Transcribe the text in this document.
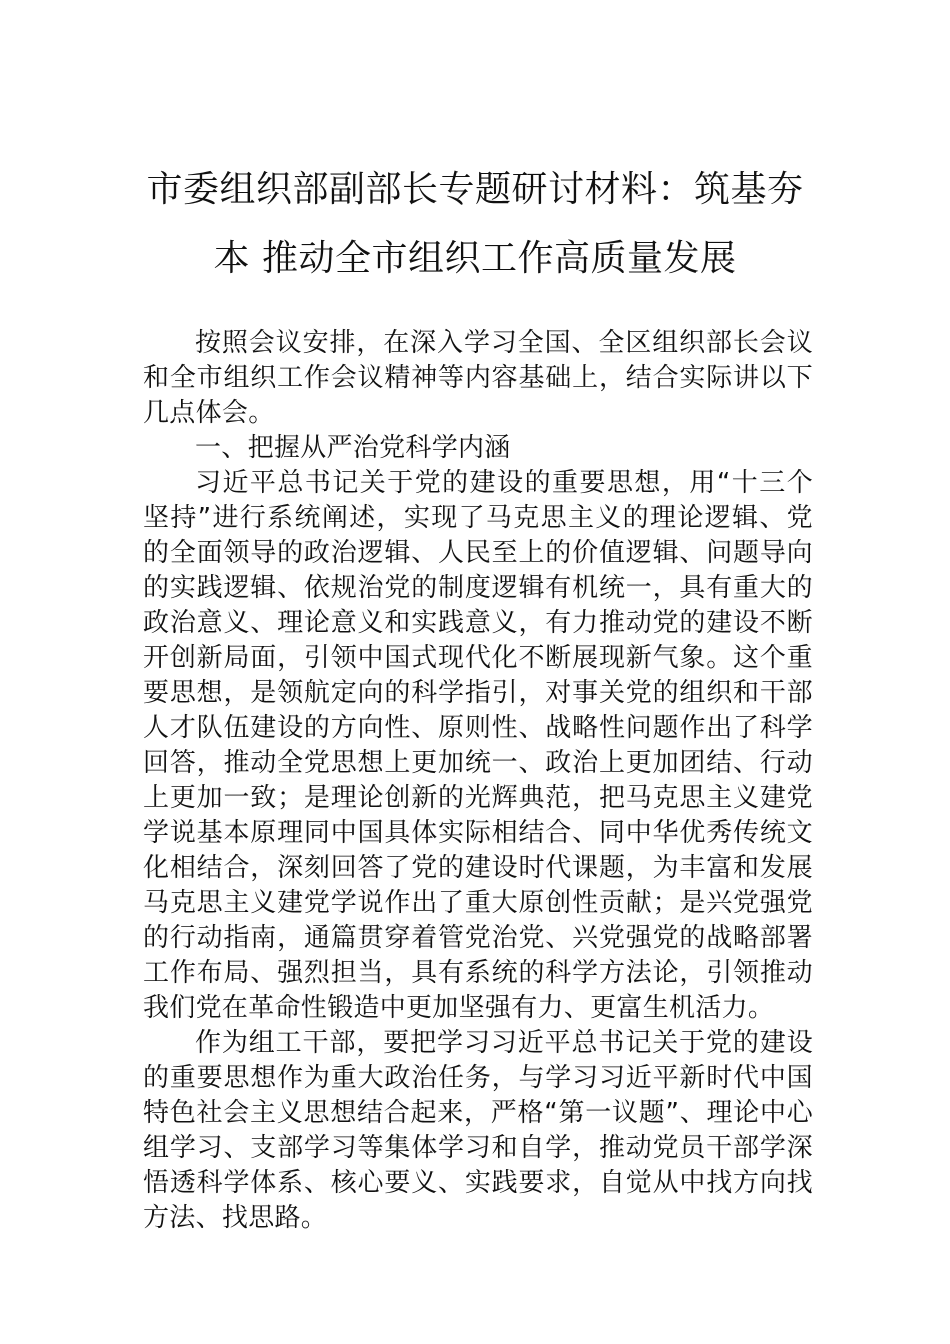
市委组织部副部长专题研讨材料：筑基夯
本 推动全市组织工作高质量发展

按照会议安排，在深入学习全国、全区组织部长会议和全市组织工作会议精神等内容基础上，结合实际讲以下几点体会。

一、把握从严治党科学内涵

习近平总书记关于党的建设的重要思想，用“十三个坚持”进行系统阐述，实现了马克思主义的理论逻辑、党的全面领导的政治逻辑、人民至上的价值逻辑、问题导向的实践逻辑、依规治党的制度逻辑有机统一，具有重大的政治意义、理论意义和实践意义，有力推动党的建设不断开创新局面，引领中国式现代化不断展现新气象。这个重要思想，是领航定向的科学指引，对事关党的组织和干部人才队伍建设的方向性、原则性、战略性问题作出了科学回答，推动全党思想上更加统一、政治上更加团结、行动上更加一致；是理论创新的光辉典范，把马克思主义建党学说基本原理同中国具体实际相结合、同中华优秀传统文化相结合，深刻回答了党的建设时代课题，为丰富和发展马克思主义建党学说作出了重大原创性贡献；是兴党强党的行动指南，通篇贯穿着管党治党、兴党强党的战略部署工作布局、强烈担当，具有系统的科学方法论，引领推动我们党在革命性锻造中更加坚强有力、更富生机活力。

作为组工干部，要把学习习近平总书记关于党的建设的重要思想作为重大政治任务，与学习习近平新时代中国特色社会主义思想结合起来，严格“第一议题”、理论中心组学习、支部学习等集体学习和自学，推动党员干部学深悟透科学体系、核心要义、实践要求，自觉从中找方向找方法、找思路。
